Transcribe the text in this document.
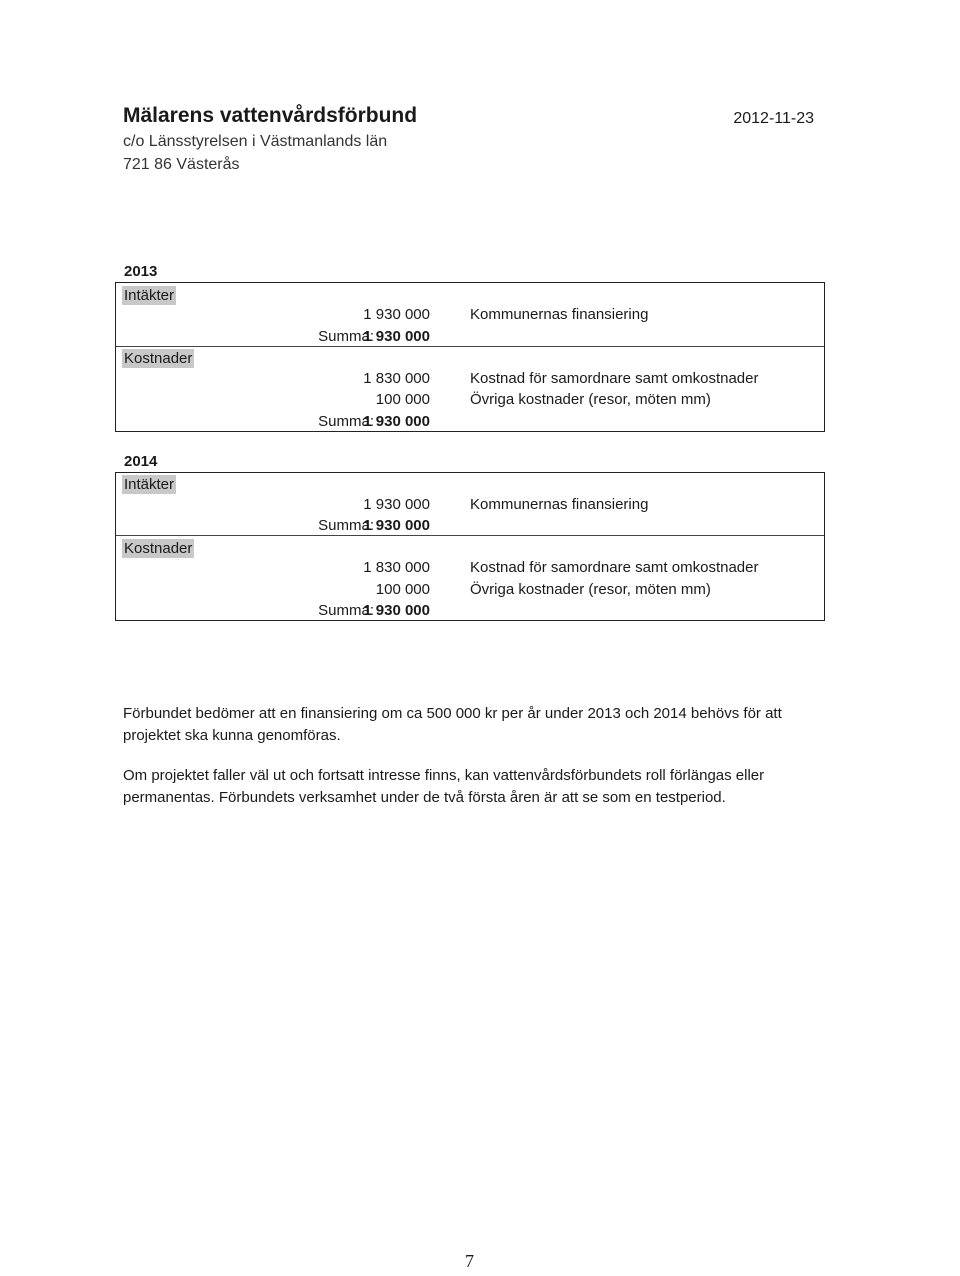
Mälarens vattenvårdsförbund
c/o Länsstyrelsen i Västmanlands län
721 86 Västerås
2012-11-23
2013
Intäkter
1 930 000	Kommunernas finansiering
Summa:
1 930 000
Kostnader
1 830 000	Kostnad för samordnare samt omkostnader
100 000	Övriga kostnader (resor, möten mm)
Summa:
1 930 000
2014
Intäkter
1 930 000	Kommunernas finansiering
Summa:
1 930 000
Kostnader
1 830 000	Kostnad för samordnare samt omkostnader
100 000	Övriga kostnader (resor, möten mm)
Summa:
1 930 000
Förbundet bedömer att en finansiering om ca 500 000 kr per år under 2013 och 2014 behövs för att projektet ska kunna genomföras.
Om projektet faller väl ut och fortsatt intresse finns, kan vattenvårdsförbundets roll förlängas eller permanentas. Förbundets verksamhet under de två första åren är att se som en testperiod.
7
